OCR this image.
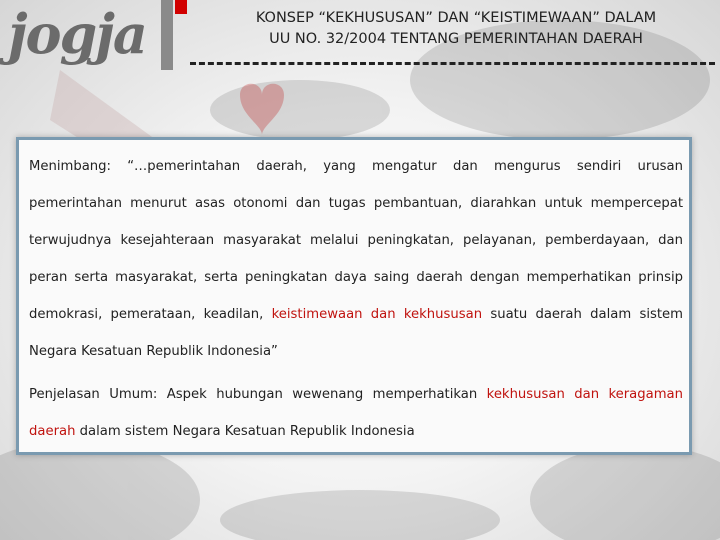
jogja	KONSEP “KEKHUSUSAN” DAN “KEISTIMEWAAN” DALAM
UU NO. 32/2004 TENTANG PEMERINTAHAN DAERAH
Menimbang: “…pemerintahan daerah, yang mengatur dan mengurus sendiri urusan pemerintahan menurut asas otonomi dan tugas pembantuan, diarahkan untuk mempercepat terwujudnya kesejahteraan masyarakat melalui peningkatan, pelayanan, pemberdayaan, dan peran serta masyarakat, serta peningkatan daya saing daerah dengan memperhatikan prinsip demokrasi, pemerataan, keadilan, keistimewaan dan kekhususan suatu daerah dalam sistem Negara Kesatuan Republik Indonesia”
Penjelasan Umum: Aspek hubungan wewenang memperhatikan kekhususan dan keragaman daerah dalam sistem Negara Kesatuan Republik Indonesia
